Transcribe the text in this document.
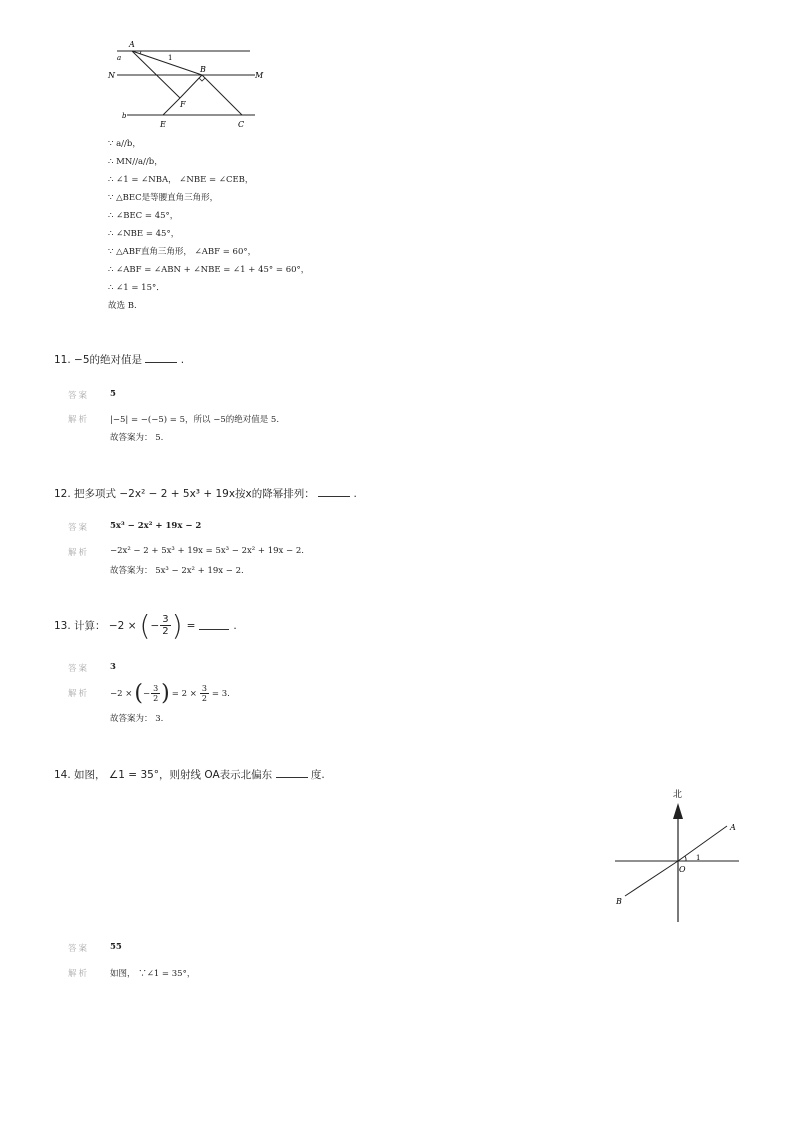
A
a	1
N
B
M
F
b
E	C
∵ a//b，
∴ MN//a//b，
∴ ∠1 = ∠NBA， ∠NBE = ∠CEB，
∵ △BEC是等腰直角三角形，
∴ ∠BEC = 45°，
∴ ∠NBE = 45°，
∵ △ABF直角三角形， ∠ABF = 60°，
∴ ∠ABF = ∠ABN + ∠NBE = ∠1 + 45° = 60°，
∴ ∠1 = 15°．
故选 B.
11. −5的绝对值是	.
答案 5
解析 |−5| = −(−5) = 5，所以 −5的绝对值是 5.
故答案为： 5.
12. 把多项式 −2x² − 2 + 5x³ + 19x按x的降幂排列：	.
答案 5x³ − 2x² + 19x − 2
解析 −2x² − 2 + 5x³ + 19x = 5x³ − 2x² + 19x − 2.
故答案为： 5x³ − 2x² + 19x − 2.
13. 计算： −2 × ( − $\frac{3}{2}$ ) =	.
答案 3
解析 −2 × ( − $\frac{3}{2}$ ) = $2 \times \frac{3}{2} = 3$.
故答案为： 3.
14. 如图， ∠1 = 35°，则射线 OA表示北偏东	度.
北
A
O
1
B
答案 55
解析 如图， ∵∠1 = 35°，
